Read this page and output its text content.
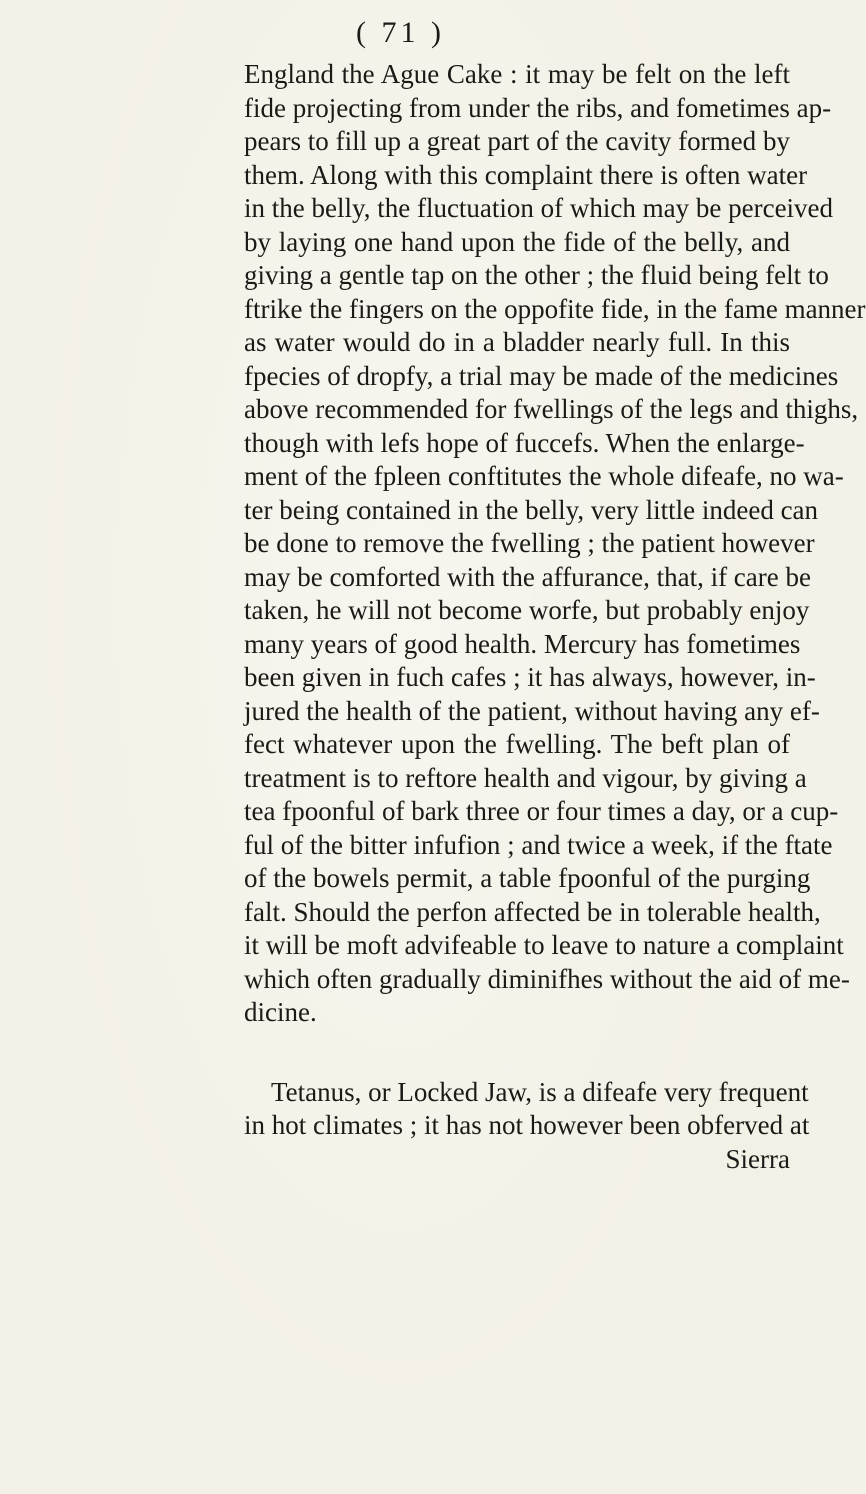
( 71 )
England the Ague Cake : it may be felt on the left
fide projecting from under the ribs, and fometimes ap-
pears to fill up a great part of the cavity formed by
them. Along with this complaint there is often water
in the belly, the fluctuation of which may be perceived
by laying one hand upon the fide of the belly, and
giving a gentle tap on the other ; the fluid being felt to
ftrike the fingers on the oppofite fide, in the fame manner
as water would do in a bladder nearly full. In this
fpecies of dropfy, a trial may be made of the medicines
above recommended for fwellings of the legs and thighs,
though with lefs hope of fuccefs. When the enlarge-
ment of the fpleen conftitutes the whole difeafe, no wa-
ter being contained in the belly, very little indeed can
be done to remove the fwelling ; the patient however
may be comforted with the affurance, that, if care be
taken, he will not become worfe, but probably enjoy
many years of good health. Mercury has fometimes
been given in fuch cafes ; it has always, however, in-
jured the health of the patient, without having any ef-
fect whatever upon the fwelling. The beft plan of
treatment is to reftore health and vigour, by giving a
tea fpoonful of bark three or four times a day, or a cup-
ful of the bitter infufion ; and twice a week, if the ftate
of the bowels permit, a table fpoonful of the purging
falt. Should the perfon affected be in tolerable health,
it will be moft advifeable to leave to nature a complaint
which often gradually diminifhes without the aid of me-
dicine.
Tetanus, or Locked Jaw, is a difeafe very frequent
in hot climates ; it has not however been obferved at
Sierra
